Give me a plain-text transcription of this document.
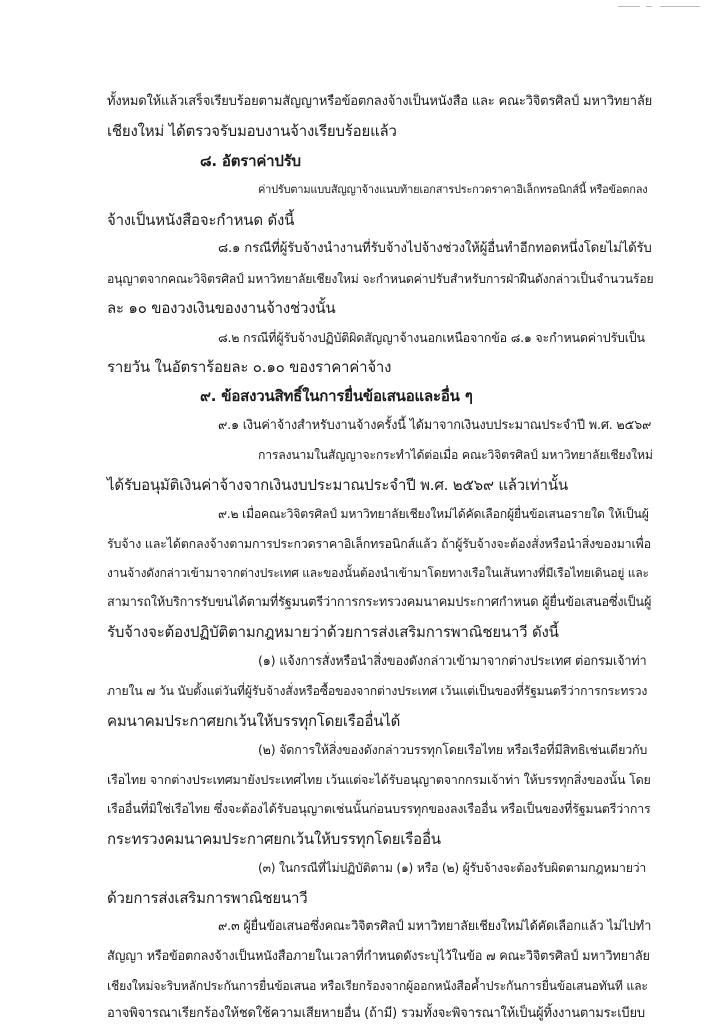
ทั้งหมดให้แล้วเสร็จเรียบร้อยตามสัญญาหรือข้อตกลงจ้างเป็นหนังสือ และ คณะวิจิตรศิลป์ มหาวิทยาลัย
เชียงใหม่ ได้ตรวจรับมอบงานจ้างเรียบร้อยแล้ว
๘. อัตราค่าปรับ
ค่าปรับตามแบบสัญญาจ้างแนบท้ายเอกสารประกวดราคาอิเล็กทรอนิกส์นี้ หรือข้อตกลง
จ้างเป็นหนังสือจะกำหนด ดังนี้
๘.๑ กรณีที่ผู้รับจ้างนำงานที่รับจ้างไปจ้างช่วงให้ผู้อื่นทำอีกทอดหนึ่งโดยไม่ได้รับ
อนุญาตจากคณะวิจิตรศิลป์ มหาวิทยาลัยเชียงใหม่ จะกำหนดค่าปรับสำหรับการฝ่าฝืนดังกล่าวเป็นจำนวนร้อย
ละ ๑๐ ของวงเงินของงานจ้างช่วงนั้น
๘.๒ กรณีที่ผู้รับจ้างปฏิบัติผิดสัญญาจ้างนอกเหนือจากข้อ ๘.๑ จะกำหนดค่าปรับเป็น
รายวัน ในอัตราร้อยละ ๐.๑๐ ของราคาค่าจ้าง
๙. ข้อสงวนสิทธิ์ในการยื่นข้อเสนอและอื่น ๆ
๙.๑ เงินค่าจ้างสำหรับงานจ้างครั้งนี้ ได้มาจากเงินงบประมาณประจำปี พ.ศ. ๒๕๖๙
การลงนามในสัญญาจะกระทำได้ต่อเมื่อ คณะวิจิตรศิลป์ มหาวิทยาลัยเชียงใหม่
ได้รับอนุมัติเงินค่าจ้างจากเงินงบประมาณประจำปี พ.ศ. ๒๕๖๙ แล้วเท่านั้น
๙.๒ เมื่อคณะวิจิตรศิลป์ มหาวิทยาลัยเชียงใหม่ได้คัดเลือกผู้ยื่นข้อเสนอรายใด ให้เป็นผู้
รับจ้าง และได้ตกลงจ้างตามการประกวดราคาอิเล็กทรอนิกส์แล้ว ถ้าผู้รับจ้างจะต้องสั่งหรือนำสิ่งของมาเพื่อ
งานจ้างดังกล่าวเข้ามาจากต่างประเทศ และของนั้นต้องนำเข้ามาโดยทางเรือในเส้นทางที่มีเรือไทยเดินอยู่ และ
สามารถให้บริการรับขนได้ตามที่รัฐมนตรีว่าการกระทรวงคมนาคมประกาศกำหนด ผู้ยื่นข้อเสนอซึ่งเป็นผู้
รับจ้างจะต้องปฏิบัติตามกฎหมายว่าด้วยการส่งเสริมการพาณิชยนาวี ดังนี้
(๑) แจ้งการสั่งหรือนำสิ่งของดังกล่าวเข้ามาจากต่างประเทศ ต่อกรมเจ้าท่า
ภายใน ๗ วัน นับตั้งแต่วันที่ผู้รับจ้างสั่งหรือซื้อของจากต่างประเทศ เว้นแต่เป็นของที่รัฐมนตรีว่าการกระทรวง
คมนาคมประกาศยกเว้นให้บรรทุกโดยเรืออื่นได้
(๒) จัดการให้สิ่งของดังกล่าวบรรทุกโดยเรือไทย หรือเรือที่มีสิทธิเช่นเดียวกับ
เรือไทย จากต่างประเทศมายังประเทศไทย เว้นแต่จะได้รับอนุญาตจากกรมเจ้าท่า ให้บรรทุกสิ่งของนั้น โดย
เรืออื่นที่มิใช่เรือไทย ซึ่งจะต้องได้รับอนุญาตเช่นนั้นก่อนบรรทุกของลงเรืออื่น หรือเป็นของที่รัฐมนตรีว่าการ
กระทรวงคมนาคมประกาศยกเว้นให้บรรทุกโดยเรืออื่น
(๓) ในกรณีที่ไม่ปฏิบัติตาม (๑) หรือ (๒) ผู้รับจ้างจะต้องรับผิดตามกฎหมายว่า
ด้วยการส่งเสริมการพาณิชยนาวี
๙.๓ ผู้ยื่นข้อเสนอซึ่งคณะวิจิตรศิลป์ มหาวิทยาลัยเชียงใหม่ได้คัดเลือกแล้ว ไม่ไปทำ
สัญญา หรือข้อตกลงจ้างเป็นหนังสือภายในเวลาที่กำหนดดังระบุไว้ในข้อ ๗ คณะวิจิตรศิลป์ มหาวิทยาลัย
เชียงใหม่จะริบหลักประกันการยื่นข้อเสนอ หรือเรียกร้องจากผู้ออกหนังสือค้ำประกันการยื่นข้อเสนอทันที และ
อาจพิจารณาเรียกร้องให้ชดใช้ความเสียหายอื่น (ถ้ามี) รวมทั้งจะพิจารณาให้เป็นผู้ทิ้งงานตามระเบียบ
